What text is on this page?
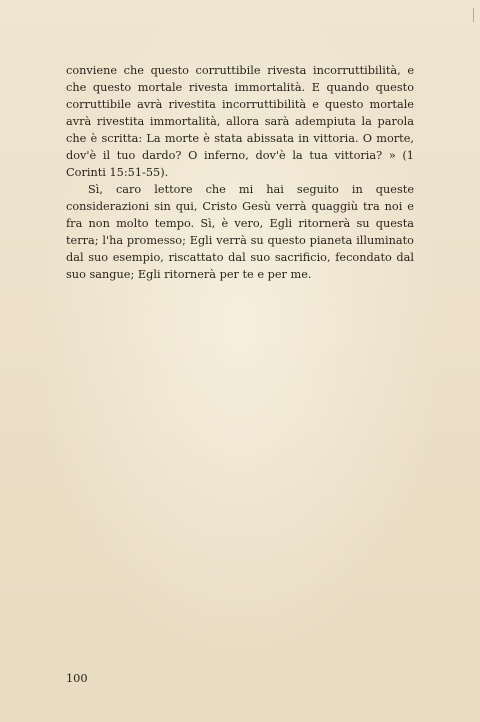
conviene che questo corruttibile rivesta incorruttibilità, e che questo mortale rivesta immortalità. E quando questo corruttibile avrà rivestita incorruttibilità e questo mortale avrà rivestita immortalità, allora sarà adempiuta la parola che è scritta: La morte è stata abissata in vittoria. O morte, dov'è il tuo dardo? O inferno, dov'è la tua vittoria? » (1 Corinti 15:51-55).

Sì, caro lettore che mi hai seguito in queste considerazioni sin qui, Cristo Gesù verrà quaggiù tra noi e fra non molto tempo. Sì, è vero, Egli ritornerà su questa terra; l'ha promesso; Egli verrà su questo pianeta illuminato dal suo esempio, riscattato dal suo sacrificio, fecondato dal suo sangue; Egli ritornerà per te e per me.

100
